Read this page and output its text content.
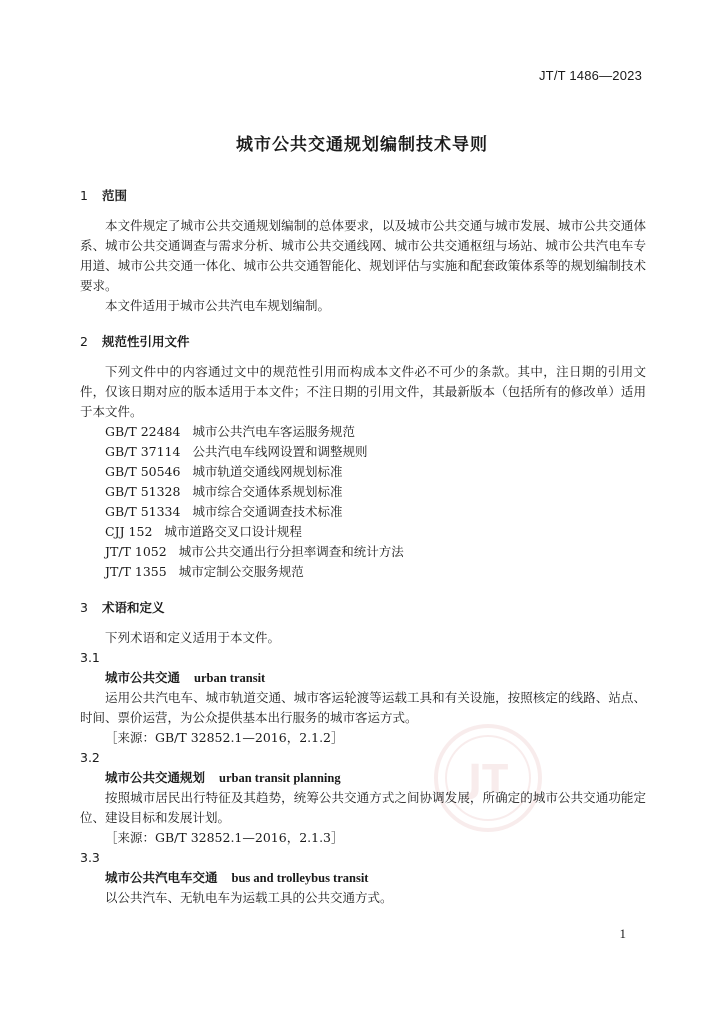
JT/T 1486—2023
城市公共交通规划编制技术导则
JT
1 范围

本文件规定了城市公共交通规划编制的总体要求，以及城市公共交通与城市发展、城市公共交通体系、城市公共交通调查与需求分析、城市公共交通线网、城市公共交通枢纽与场站、城市公共汽电车专用道、城市公共交通一体化、城市公共交通智能化、规划评估与实施和配套政策体系等的规划编制技术要求。

本文件适用于城市公共汽电车规划编制。

2 规范性引用文件

下列文件中的内容通过文中的规范性引用而构成本文件必不可少的条款。其中，注日期的引用文件，仅该日期对应的版本适用于本文件；不注日期的引用文件，其最新版本（包括所有的修改单）适用于本文件。

GB/T 22484 城市公共汽电车客运服务规范
GB/T 37114 公共汽电车线网设置和调整规则
GB/T 50546 城市轨道交通线网规划标准
GB/T 51328 城市综合交通体系规划标准
GB/T 51334 城市综合交通调查技术标准
CJJ 152 城市道路交叉口设计规程
JT/T 1052 城市公共交通出行分担率调查和统计方法
JT/T 1355 城市定制公交服务规范
3 术语和定义

下列术语和定义适用于本文件。

3.1
城市公共交通 urban transit

运用公共汽电车、城市轨道交通、城市客运轮渡等运载工具和有关设施，按照核定的线路、站点、时间、票价运营，为公众提供基本出行服务的城市客运方式。

［来源：GB/T 32852.1—2016，2.1.2］
3.2
城市公共交通规划 urban transit planning

按照城市居民出行特征及其趋势，统筹公共交通方式之间协调发展，所确定的城市公共交通功能定位、建设目标和发展计划。

［来源：GB/T 32852.1—2016，2.1.3］
3.3
城市公共汽电车交通 bus and trolleybus transit

以公共汽车、无轨电车为运载工具的公共交通方式。

1
